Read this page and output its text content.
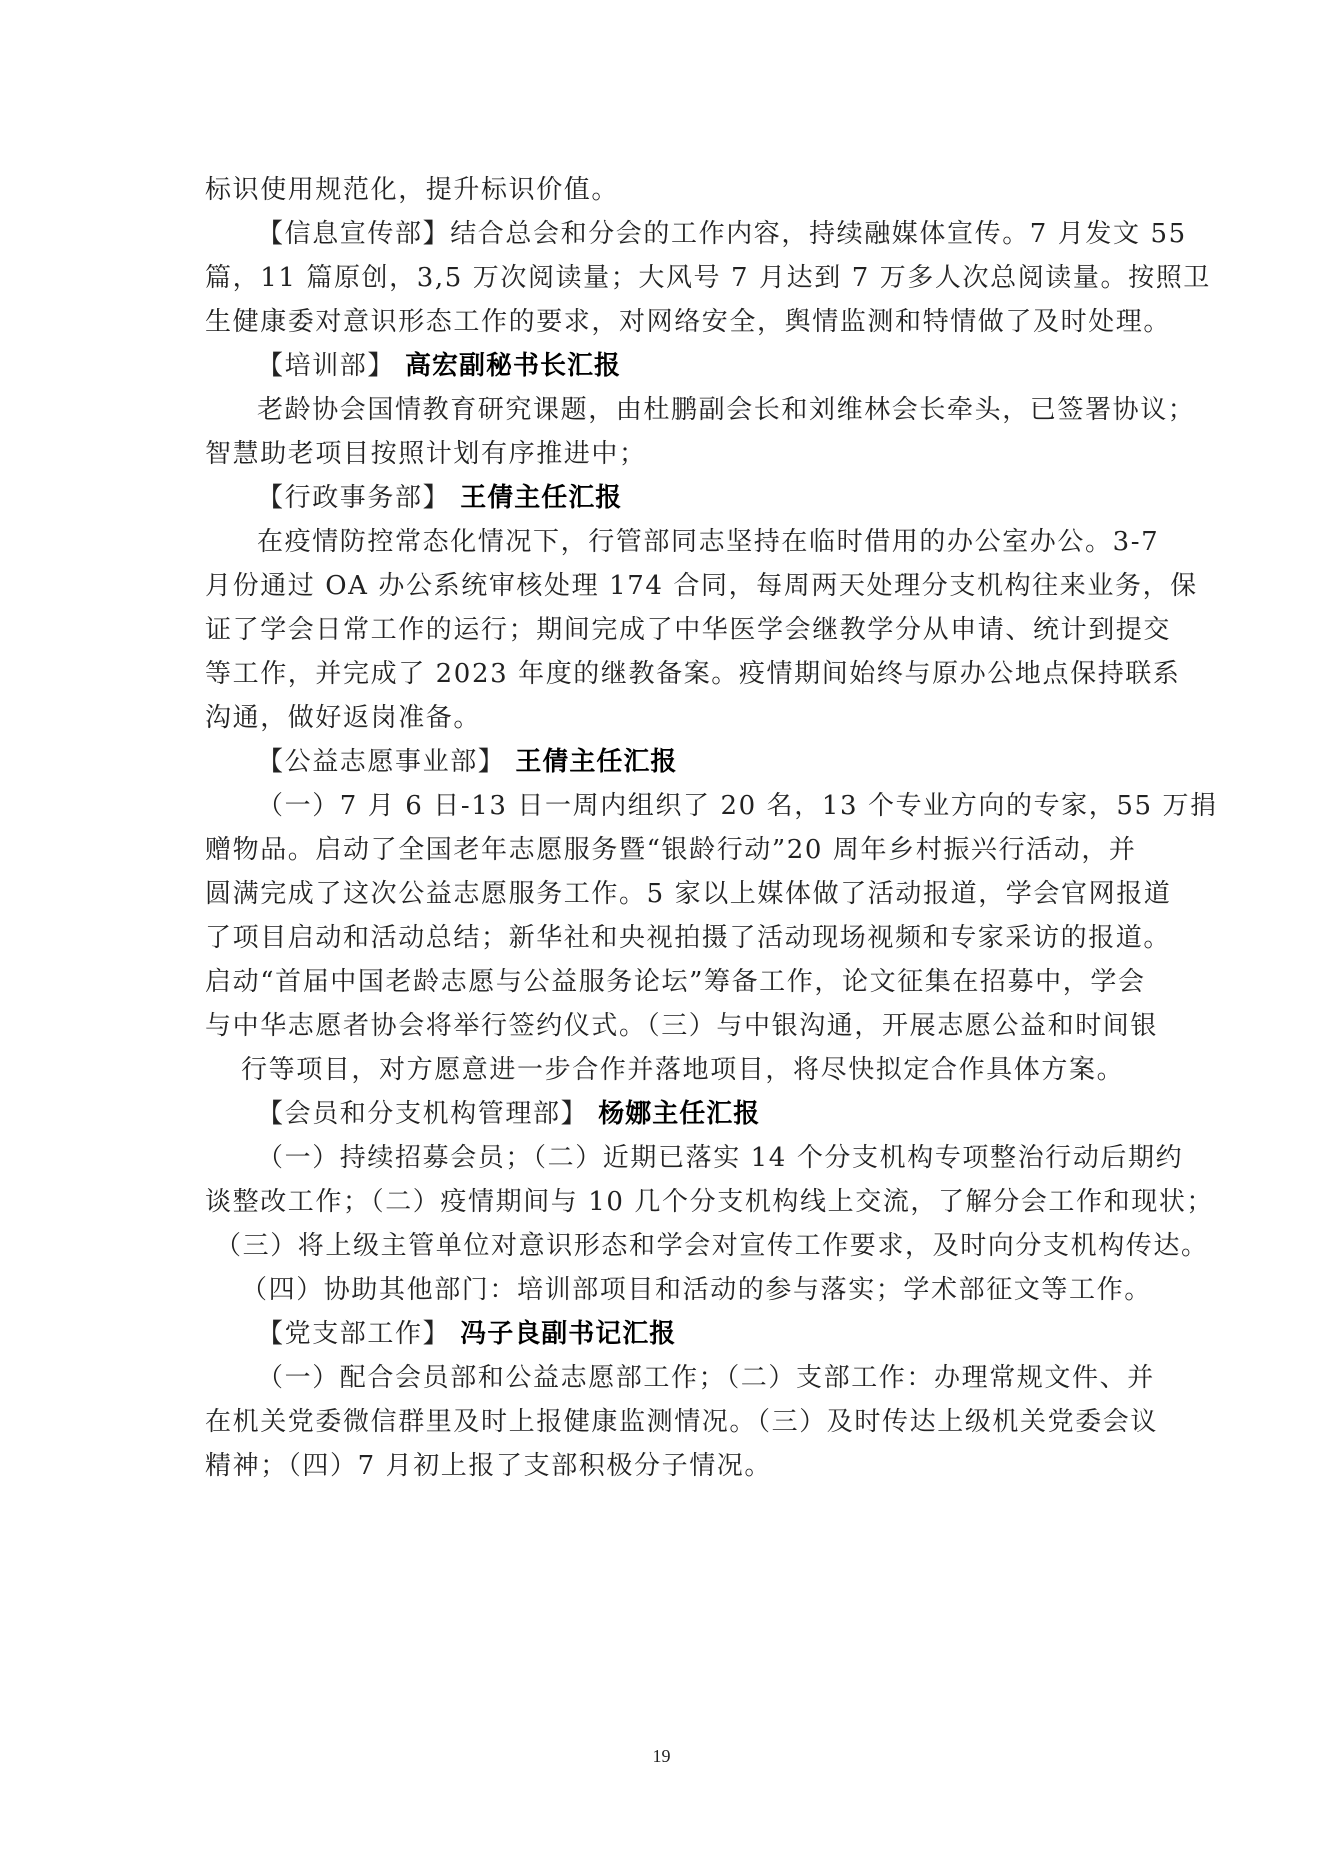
标识使用规范化，提升标识价值。
【信息宣传部】结合总会和分会的工作内容，持续融媒体宣传。7 月发文 55
篇，11 篇原创，3,5 万次阅读量；大风号 7 月达到 7 万多人次总阅读量。按照卫
生健康委对意识形态工作的要求，对网络安全，舆情监测和特情做了及时处理。
【培训部】 高宏副秘书长汇报
老龄协会国情教育研究课题，由杜鹏副会长和刘维林会长牵头，已签署协议；
智慧助老项目按照计划有序推进中；
【行政事务部】 王倩主任汇报
在疫情防控常态化情况下，行管部同志坚持在临时借用的办公室办公。3-7
月份通过 OA 办公系统审核处理 174 合同，每周两天处理分支机构往来业务，保
证了学会日常工作的运行；期间完成了中华医学会继教学分从申请、统计到提交
等工作，并完成了 2023 年度的继教备案。疫情期间始终与原办公地点保持联系
沟通，做好返岗准备。
【公益志愿事业部】 王倩主任汇报
（一）7 月 6 日-13 日一周内组织了 20 名，13 个专业方向的专家，55 万捐
赠物品。启动了全国老年志愿服务暨“银龄行动”20 周年乡村振兴行活动，并
圆满完成了这次公益志愿服务工作。5 家以上媒体做了活动报道，学会官网报道
了项目启动和活动总结；新华社和央视拍摄了活动现场视频和专家采访的报道。
启动“首届中国老龄志愿与公益服务论坛”筹备工作，论文征集在招募中，学会
与中华志愿者协会将举行签约仪式。（三）与中银沟通，开展志愿公益和时间银
行等项目，对方愿意进一步合作并落地项目，将尽快拟定合作具体方案。
【会员和分支机构管理部】 杨娜主任汇报
（一）持续招募会员；（二）近期已落实 14 个分支机构专项整治行动后期约
谈整改工作；（二）疫情期间与 10 几个分支机构线上交流，了解分会工作和现状；
（三）将上级主管单位对意识形态和学会对宣传工作要求，及时向分支机构传达。
（四）协助其他部门：培训部项目和活动的参与落实；学术部征文等工作。
【党支部工作】 冯子良副书记汇报
（一）配合会员部和公益志愿部工作；（二）支部工作：办理常规文件、并
在机关党委微信群里及时上报健康监测情况。（三）及时传达上级机关党委会议
精神；（四）7 月初上报了支部积极分子情况。
19
